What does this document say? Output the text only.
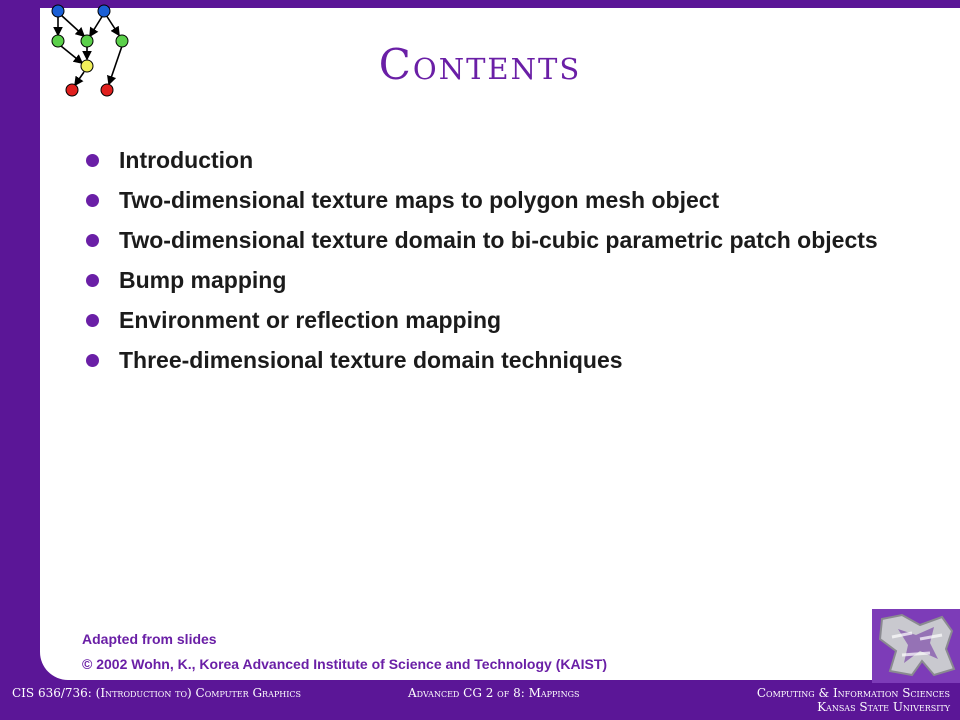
Contents
Introduction
Two-dimensional texture maps to polygon mesh object
Two-dimensional texture domain to bi-cubic parametric patch objects
Bump mapping
Environment or reflection mapping
Three-dimensional texture domain techniques
Adapted from slides
© 2002 Wohn, K., Korea Advanced Institute of Science and Technology (KAIST)
CIS 636/736: (Introduction to) Computer Graphics	Advanced CG 2 of 8: Mappings	Computing & Information Sciences
Kansas State University
